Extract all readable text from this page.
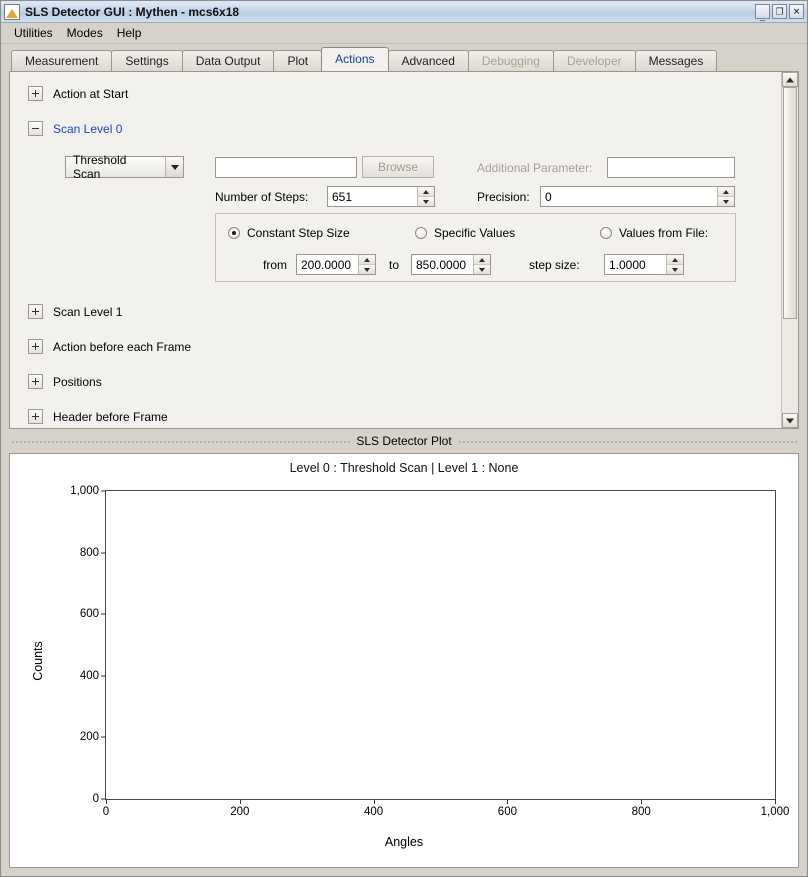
SLS Detector GUI : Mythen - mcs6x18	_ ❐ ✕
Utilities	Modes	Help
Measurement	Settings	Data Output	Plot	Actions	Advanced	Debugging	Developer	Messages
Action at Start
Scan Level 0
Threshold Scan	Browse	Additional Parameter:
Number of Steps:	651	Precision:	0
Constant Step Size	Specific Values	Values from File:
from	200.0000	to	850.0000	step size:	1.0000
Scan Level 1
Action before each Frame
Positions
Header before Frame
SLS Detector Plot
Level 0 : Threshold Scan | Level 1 : None
Counts
Angles
0
200
400
600
800
1,000
0	200	400	600	800	1,000
